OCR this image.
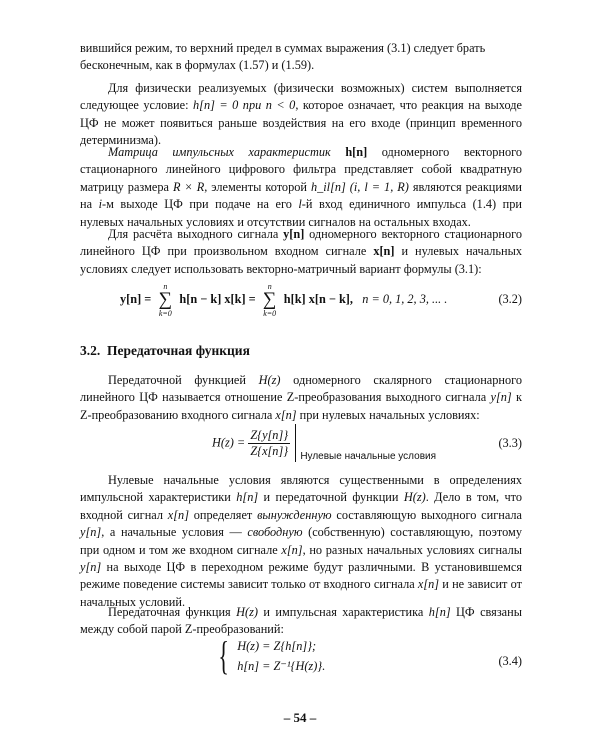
вившийся режим, то верхний предел в суммах выражения (3.1) следует брать
бесконечным, как в формулах (1.57) и (1.59).

Для физически реализуемых (физически возможных) систем выполняется следующее условие: h[n] = 0 при n < 0, которое означает, что реакция на выходе ЦФ не может появиться раньше воздействия на его входе (принцип временного детерминизма).

Матрица импульсных характеристик h[n] одномерного векторного стационарного линейного цифрового фильтра представляет собой квадратную матрицу размера R × R, элементы которой h_il[n] (i, l = 1, R) являются реакциями на i-м выходе ЦФ при подаче на его l-й вход единичного импульса (1.4) при нулевых начальных условиях и отсутствии сигналов на остальных входах.

Для расчёта выходного сигнала y[n] одномерного векторного стационарного линейного ЦФ при произвольном входном сигнале x[n] и нулевых начальных условиях следует использовать векторно-матричный вариант формулы (3.1):

y[n] =
n
∑
k=0
h[n − k] x[k] =
n
∑
k=0
h[k] x[n − k], n = 0, 1, 2, 3, ... .	(3.2)
3.2. Передаточная функция

Передаточной функцией H(z) одномерного скалярного стационарного линейного ЦФ называется отношение Z-преобразования выходного сигнала y[n] к Z-преобразованию входного сигнала x[n] при нулевых начальных условиях:

$H(z) = \frac{Z\{y[n]\}}{Z\{x[n]\}}$ Нулевые начальные условия
(3.3)

Нулевые начальные условия являются существенными в определениях импульсной характеристики h[n] и передаточной функции H(z). Дело в том, что входной сигнал x[n] определяет вынужденную составляющую выходного сигнала y[n], а начальные условия — свободную (собственную) составляющую, поэтому при одном и том же входном сигнале x[n], но разных начальных условиях сигналы y[n] на выходе ЦФ в переходном режиме будут различными. В установившемся режиме поведение системы зависит только от входного сигнала x[n] и не зависит от начальных условий.

Передаточная функция H(z) и импульсная характеристика h[n] ЦФ связаны между собой парой Z-преобразований:

{ H(z) = Z{h[n]};
h[n] = Z⁻¹{H(z)}.	(3.4)
– 54 –
